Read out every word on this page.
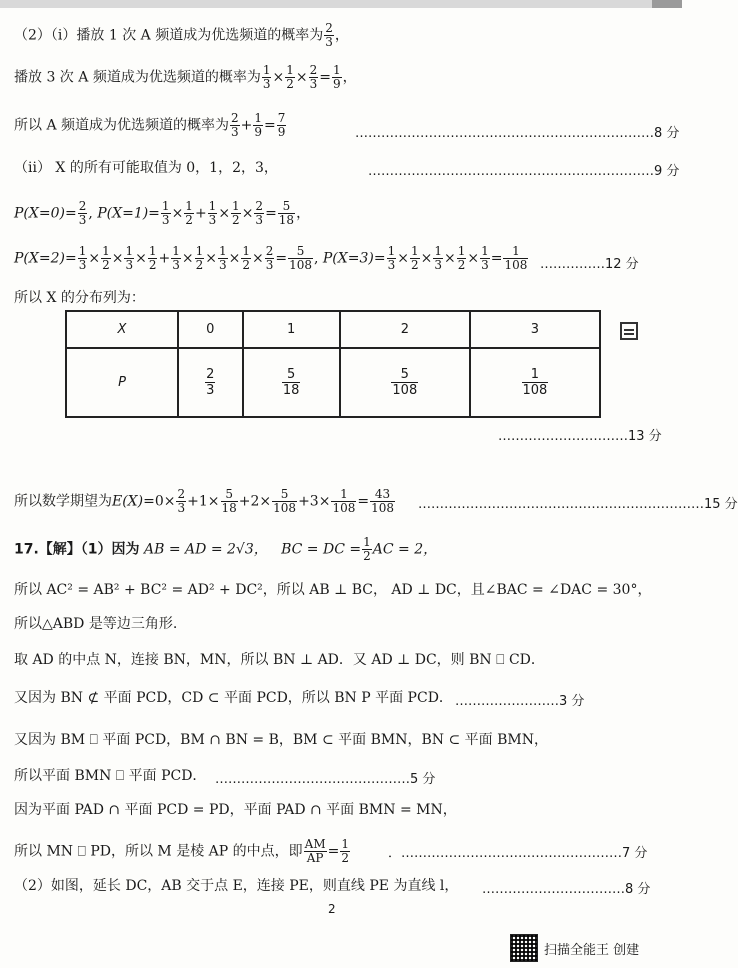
（2）（i）播放 1 次 A 频道成为优选频道的概率为 $\frac{2}{3}$ ，
播放 3 次 A 频道成为优选频道的概率为 $\frac{1}{3} \times \frac{1}{2} \times \frac{2}{3} = \frac{1}{9}$ ，
所以 A 频道成为优选频道的概率为 $\frac{2}{3} + \frac{1}{9} = \frac{7}{9}$	……………………………………………………………8 分
（ii） X 的所有可能取值为 0，1，2，3，	…………………………………………………………9 分
$P(X=0)= \frac{2}{3}$ , $P(X=1)= \frac{1}{3} \times \frac{1}{2} + \frac{1}{3} \times \frac{1}{2} \times \frac{2}{3} = \frac{5}{18}$ ，
$P(X=2)= \frac{1}{3} \times \frac{1}{2} \times \frac{1}{3} \times \frac{1}{2} + \frac{1}{3} \times \frac{1}{2} \times \frac{1}{3} \times \frac{1}{2} \times \frac{2}{3} = \frac{5}{108}$ , $P(X=3)= \frac{1}{3} \times \frac{1}{2} \times \frac{1}{3} \times \frac{1}{2} \times \frac{1}{3} = \frac{1}{108}$ ……………12 分
所以 X 的分布列为：
X	0	1	2	3
P	$\frac{2}{3}$	$\frac{5}{18}$	$\frac{5}{108}$	$\frac{1}{108}$
…………………………13 分
所以数学期望为$E(X)=0\times \frac{2}{3} +1\times \frac{5}{18} +2\times \frac{5}{108} +3\times \frac{1}{108} = \frac{43}{108}$ …………………………………………………………15 分
17.【解】（1）因为 AB = AD = 2√3， BC = DC = $\frac{1}{2}$ AC = 2，
所以 AC² = AB² + BC² = AD² + DC²，所以 AB ⊥ BC， AD ⊥ DC，且∠BAC = ∠DAC = 30°，
所以△ABD 是等边三角形.
取 AD 的中点 N，连接 BN，MN，所以 BN ⊥ AD．又 AD ⊥ DC，则 BN ⎕ CD．
又因为 BN ⊄ 平面 PCD，CD ⊂ 平面 PCD，所以 BN P 平面 PCD． ……………………3 分
又因为 BM ⎕ 平面 PCD，BM ∩ BN = B，BM ⊂ 平面 BMN，BN ⊂ 平面 BMN，
所以平面 BMN ⎕ 平面 PCD． ………………………………………5 分
因为平面 PAD ∩ 平面 PCD = PD，平面 PAD ∩ 平面 BMN = MN，
所以 MN ⎕ PD，所以 M 是棱 AP 的中点，即 $\frac{AM}{AP} = \frac{1}{2}$	．……………………………………………7 分
（2）如图，延长 DC，AB 交于点 E，连接 PE，则直线 PE 为直线 l，	……………………………8 分
2
扫描全能王 创建
